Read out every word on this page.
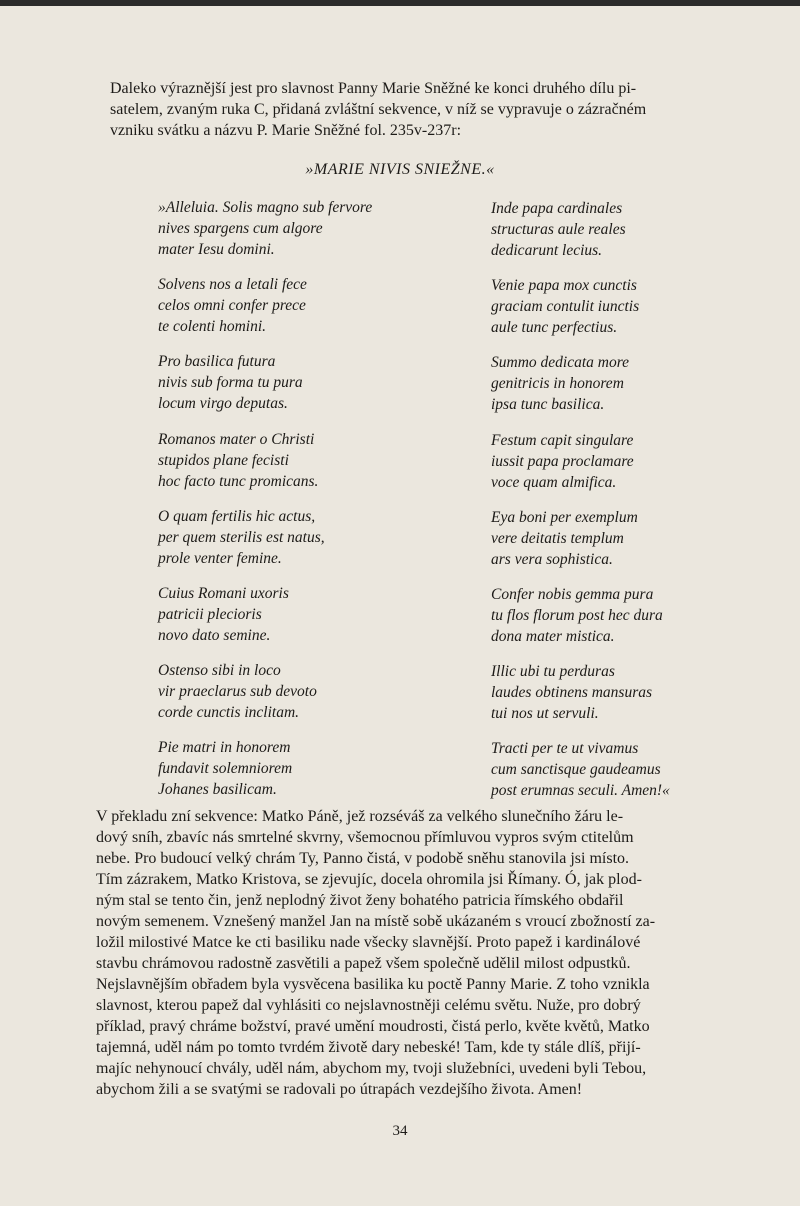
Daleko výraznější jest pro slavnost Panny Marie Sněžné ke konci druhého dílu pi-
satelem, zvaným ruka C, přidaná zvláštní sekvence, v níž se vypravuje o zázračném
vzniku svátku a názvu P. Marie Sněžné fol. 235v-237r:
»MARIE NIVIS SNIEŽNE.«
»Alleluia. Solis magno sub fervore
nives spargens cum algore
mater Iesu domini.
Solvens nos a letali fece
celos omni confer prece
te colenti homini.
Pro basilica futura
nivis sub forma tu pura
locum virgo deputas.
Romanos mater o Christi
stupidos plane fecisti
hoc facto tunc promicans.
O quam fertilis hic actus,
per quem sterilis est natus,
prole venter femine.
Cuius Romani uxoris
patricii plecioris
novo dato semine.
Ostenso sibi in loco
vir praeclarus sub devoto
corde cunctis inclitam.
Pie matri in honorem
fundavit solemniorem
Johanes basilicam.
Inde papa cardinales
structuras aule reales
dedicarunt lecius.
Venie papa mox cunctis
graciam contulit iunctis
aule tunc perfectius.
Summo dedicata more
genitricis in honorem
ipsa tunc basilica.
Festum capit singulare
iussit papa proclamare
voce quam almifica.
Eya boni per exemplum
vere deitatis templum
ars vera sophistica.
Confer nobis gemma pura
tu flos florum post hec dura
dona mater mistica.
Illic ubi tu perduras
laudes obtinens mansuras
tui nos ut servuli.
Tracti per te ut vivamus
cum sanctisque gaudeamus
post erumnas seculi. Amen!«
V překladu zní sekvence: Matko Páně, jež rozséváš za velkého slunečního žáru le-
dový sníh, zbavíc nás smrtelné skvrny, všemocnou přímluvou vypros svým ctitelům
nebe. Pro budoucí velký chrám Ty, Panno čistá, v podobě sněhu stanovila jsi místo.
Tím zázrakem, Matko Kristova, se zjevujíc, docela ohromila jsi Římany. Ó, jak plod-
ným stal se tento čin, jenž neplodný život ženy bohatého patricia římského obdařil
novým semenem. Vznešený manžel Jan na místě sobě ukázaném s vroucí zbožností za-
ložil milostivé Matce ke cti basiliku nade všecky slavnější. Proto papež i kardinálové
stavbu chrámovou radostně zasvětili a papež všem společně udělil milost odpustků.
Nejslavnějším obřadem byla vysvěcena basilika ku poctě Panny Marie. Z toho vznikla
slavnost, kterou papež dal vyhlásiti co nejslavnostněji celému světu. Nuže, pro dobrý
příklad, pravý chráme božství, pravé umění moudrosti, čistá perlo, květe květů, Matko
tajemná, uděl nám po tomto tvrdém životě dary nebeské! Tam, kde ty stále dlíš, přijí-
majíc nehynoucí chvály, uděl nám, abychom my, tvoji služebníci, uvedeni byli Tebou,
abychom žili a se svatými se radovali po útrapách vezdejšího života. Amen!
34
